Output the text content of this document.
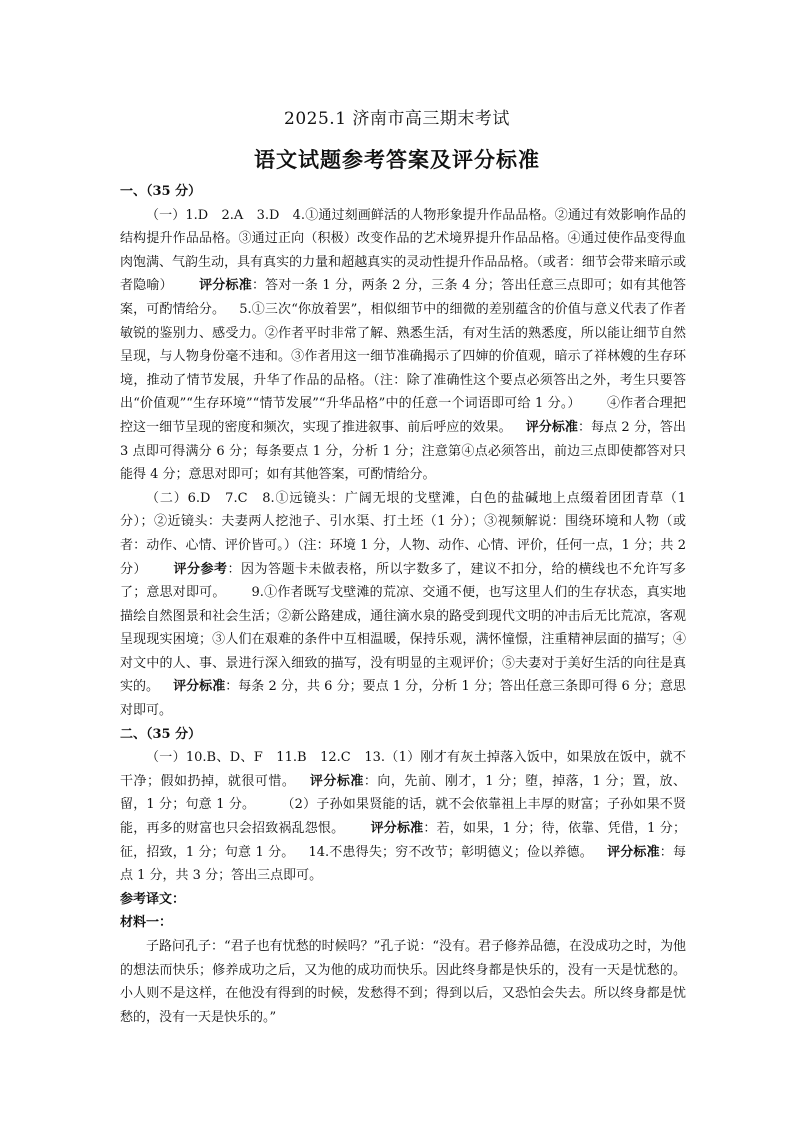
2025.1 济南市高三期末考试
语文试题参考答案及评分标准

一、（35 分）

（一）1.D　2.A　3.D　4.①通过刻画鲜活的人物形象提升作品品格。②通过有效影响作品的结构提升作品品格。③通过正向（积极）改变作品的艺术境界提升作品品格。④通过使作品变得血肉饱满、气韵生动，具有真实的力量和超越真实的灵动性提升作品品格。（或者：细节会带来暗示或者隐喻） 评分标准：答对一条 1 分，两条 2 分，三条 4 分；答出任意三点即可；如有其他答案，可酌情给分。 5.①三次“你放着罢”，相似细节中的细微的差别蕴含的价值与意义代表了作者敏锐的鉴别力、感受力。②作者平时非常了解、熟悉生活，有对生活的熟悉度，所以能让细节自然呈现，与人物身份毫不违和。③作者用这一细节准确揭示了四婶的价值观，暗示了祥林嫂的生存环境，推动了情节发展，升华了作品的品格。（注：除了准确性这个要点必须答出之外，考生只要答出“价值观”“生存环境”“情节发展”“升华品格”中的任意一个词语即可给 1 分。） ④作者合理把控这一细节呈现的密度和频次，实现了推进叙事、前后呼应的效果。 评分标准：每点 2 分，答出 3 点即可得满分 6 分；每条要点 1 分，分析 1 分；注意第④点必须答出，前边三点即使都答对只能得 4 分；意思对即可；如有其他答案，可酌情给分。

（二）6.D　7.C　8.①远镜头：广阔无垠的戈壁滩，白色的盐碱地上点缀着团团青草（1 分）；②近镜头：夫妻两人挖池子、引水渠、打土坯（1 分）；③视频解说：围绕环境和人物（或者：动作、心情、评价皆可。）（注：环境 1 分，人物、动作、心情、评价，任何一点，1 分；共 2 分） 评分参考：因为答题卡未做表格，所以字数多了，建议不扣分，给的横线也不允许写多了；意思对即可。 9.①作者既写戈壁滩的荒凉、交通不便，也写这里人们的生存状态，真实地描绘自然图景和社会生活；②新公路建成，通往滴水泉的路受到现代文明的冲击后无比荒凉，客观呈现现实困境；③人们在艰难的条件中互相温暖，保持乐观，满怀憧憬，注重精神层面的描写；④对文中的人、事、景进行深入细致的描写，没有明显的主观评价；⑤夫妻对于美好生活的向往是真实的。 评分标准：每条 2 分，共 6 分；要点 1 分，分析 1 分；答出任意三条即可得 6 分；意思对即可。

二、（35 分）

（一）10.B、D、F　11.B　12.C　13.（1）刚才有灰土掉落入饭中，如果放在饭中，就不干净；假如扔掉，就很可惜。 评分标准：向，先前、刚才，1 分；堕，掉落，1 分；置，放、留，1 分；句意 1 分。 （2）子孙如果贤能的话，就不会依靠祖上丰厚的财富；子孙如果不贤能，再多的财富也只会招致祸乱怨恨。 评分标准：若，如果，1 分；待，依靠、凭借，1 分；征，招致，1 分；句意 1 分。 14.不患得失；穷不改节；彰明德义；俭以养德。 评分标准：每点 1 分，共 3 分；答出三点即可。

参考译文：

材料一：

子路问孔子：“君子也有忧愁的时候吗？”孔子说：“没有。君子修养品德，在没成功之时，为他的想法而快乐；修养成功之后，又为他的成功而快乐。因此终身都是快乐的，没有一天是忧愁的。小人则不是这样，在他没有得到的时候，发愁得不到；得到以后，又恐怕会失去。所以终身都是忧愁的，没有一天是快乐的。”
